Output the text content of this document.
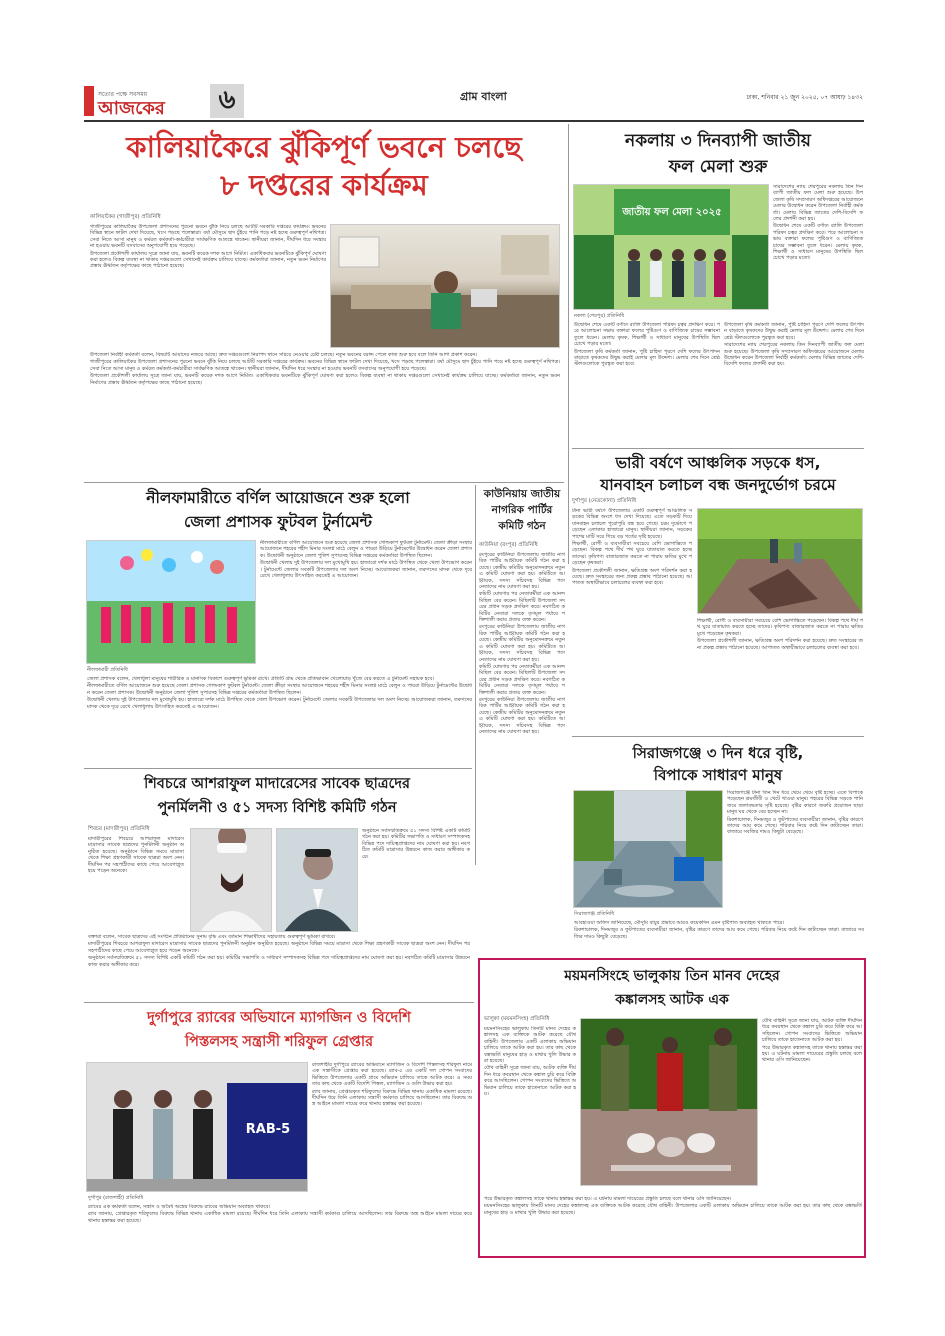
সত্যের পক্ষে সবসময়
আজকের	৬	গ্রাম বাংলা	ঢাকা, শনিবার ২১ জুন ২০২৫, ০৭ আষাঢ় ১৪৩২
কালিয়াকৈরে ঝুঁকিপূর্ণ ভবনে চলছে
৮ দপ্তরের কার্যক্রম
কালিয়াকৈর (গাজীপুর) প্রতিনিধি

গাজীপুরের কালিয়াকৈর উপজেলা প্রশাসনের পুরনো ভবনে ঝুঁকি নিয়ে চলছে আটটি সরকারি দপ্তরের কার্যক্রম। ভবনের বিভিন্ন স্থানে ফাটল দেখা দিয়েছে, খসে পড়ছে পলেস্তারা। বর্ষা মৌসুমে ছাদ চুঁইয়ে পানি পড়ে নষ্ট হচ্ছে গুরুত্বপূর্ণ নথিপত্র। সেবা নিতে আসা মানুষ ও কর্মরত কর্মকর্তা-কর্মচারীরা সার্বক্ষণিক আতঙ্কে থাকেন। স্থানীয়রা জানান, দীর্ঘদিন ধরে সংস্কার না হওয়ায় ভবনটি বসবাসের অনুপযোগী হয়ে পড়েছে।

উপজেলা প্রকৌশলী কার্যালয় সূত্রে জানা যায়, ভবনটি কয়েক দশক আগে নির্মিত। একাধিকবার ভবনটিকে ঝুঁকিপূর্ণ ঘোষণা করা হলেও বিকল্প ব্যবস্থা না থাকায় দপ্তরগুলো সেখানেই কার্যক্রম চালিয়ে যাচ্ছে। কর্মকর্তারা জানান, নতুন ভবন নির্মাণের প্রস্তাব ঊর্ধ্বতন কর্তৃপক্ষের কাছে পাঠানো হয়েছে।

উপজেলা নির্বাহী কর্মকর্তা বলেন, বিষয়টি আমাদের নজরে আছে। দ্রুত দপ্তরগুলো নিরাপদ স্থানে সরিয়ে নেওয়ার চেষ্টা চলছে। নতুন ভবনের বরাদ্দ পেলে কাজ শুরু হবে বলে তিনি আশা প্রকাশ করেন।

গাজীপুরের কালিয়াকৈর উপজেলা প্রশাসনের পুরনো ভবনে ঝুঁকি নিয়ে চলছে আটটি সরকারি দপ্তরের কার্যক্রম। ভবনের বিভিন্ন স্থানে ফাটল দেখা দিয়েছে, খসে পড়ছে পলেস্তারা। বর্ষা মৌসুমে ছাদ চুঁইয়ে পানি পড়ে নষ্ট হচ্ছে গুরুত্বপূর্ণ নথিপত্র। সেবা নিতে আসা মানুষ ও কর্মরত কর্মকর্তা-কর্মচারীরা সার্বক্ষণিক আতঙ্কে থাকেন। স্থানীয়রা জানান, দীর্ঘদিন ধরে সংস্কার না হওয়ায় ভবনটি বসবাসের অনুপযোগী হয়ে পড়েছে।

উপজেলা প্রকৌশলী কার্যালয় সূত্রে জানা যায়, ভবনটি কয়েক দশক আগে নির্মিত। একাধিকবার ভবনটিকে ঝুঁকিপূর্ণ ঘোষণা করা হলেও বিকল্প ব্যবস্থা না থাকায় দপ্তরগুলো সেখানেই কার্যক্রম চালিয়ে যাচ্ছে। কর্মকর্তারা জানান, নতুন ভবন নির্মাণের প্রস্তাব ঊর্ধ্বতন কর্তৃপক্ষের কাছে পাঠানো হয়েছে।

নকলায় ৩ দিনব্যাপী জাতীয়
ফল মেলা শুরু
জাতীয় ফল মেলা ২০২৫
নকলা (শেরপুর) প্রতিনিধি

সারাদেশের ন্যায় শেরপুরের নকলায় তিন দিনব্যাপী জাতীয় ফল মেলা শুরু হয়েছে। উপজেলা কৃষি সম্প্রসারণ অধিদপ্তরের আয়োজনে মেলার উদ্বোধন করেন উপজেলা নির্বাহী কর্মকর্তা। মেলায় বিভিন্ন জাতের দেশি-বিদেশি ফলের প্রদর্শনী করা হয়।

উদ্বোধন শেষে একটি বর্ণাঢ্য র‌্যালি উপজেলা পরিষদ চত্বর প্রদক্ষিণ করে। পরে আলোচনা সভায় বক্তারা ফলের পুষ্টিগুণ ও বাণিজ্যিক চাষের সম্ভাবনা তুলে ধরেন। মেলায় কৃষক, শিক্ষার্থী ও সাধারণ মানুষের উপস্থিতি ছিল চোখে পড়ার মতো।

উদ্বোধন শেষে একটি বর্ণাঢ্য র‌্যালি উপজেলা পরিষদ চত্বর প্রদক্ষিণ করে। পরে আলোচনা সভায় বক্তারা ফলের পুষ্টিগুণ ও বাণিজ্যিক চাষের সম্ভাবনা তুলে ধরেন। মেলায় কৃষক, শিক্ষার্থী ও সাধারণ মানুষের উপস্থিতি ছিল চোখে পড়ার মতো।

উপজেলা কৃষি কর্মকর্তা জানান, পুষ্টি চাহিদা পূরণে দেশি ফলের উৎপাদন বাড়াতে কৃষকদের উদ্বুদ্ধ করাই মেলার মূল উদ্দেশ্য। মেলার শেষ দিনে শ্রেষ্ঠ স্টলগুলোকে পুরস্কৃত করা হবে।

উপজেলা কৃষি কর্মকর্তা জানান, পুষ্টি চাহিদা পূরণে দেশি ফলের উৎপাদন বাড়াতে কৃষকদের উদ্বুদ্ধ করাই মেলার মূল উদ্দেশ্য। মেলার শেষ দিনে শ্রেষ্ঠ স্টলগুলোকে পুরস্কৃত করা হবে।

সারাদেশের ন্যায় শেরপুরের নকলায় তিন দিনব্যাপী জাতীয় ফল মেলা শুরু হয়েছে। উপজেলা কৃষি সম্প্রসারণ অধিদপ্তরের আয়োজনে মেলার উদ্বোধন করেন উপজেলা নির্বাহী কর্মকর্তা। মেলায় বিভিন্ন জাতের দেশি-বিদেশি ফলের প্রদর্শনী করা হয়।

ভারী বর্ষণে আঞ্চলিক সড়কে ধস,
যানবাহন চলাচল বন্ধ জনদুর্ভোগ চরমে
দুর্গাপুর (নেত্রকোনা) প্রতিনিধি

টানা ভারী বর্ষণে উপজেলার একটি গুরুত্বপূর্ণ আঞ্চলিক সড়কের বিভিন্ন অংশে ধস দেখা দিয়েছে। এতে সড়কটি দিয়ে যানবাহন চলাচল পুরোপুরি বন্ধ হয়ে গেছে। চরম দুর্ভোগে পড়েছেন এলাকার হাজারো মানুষ। স্থানীয়রা জানান, সড়কের পাশের মাটি সরে গিয়ে বড় গর্তের সৃষ্টি হয়েছে।

শিক্ষার্থী, রোগী ও ব্যবসায়ীরা সবচেয়ে বেশি ভোগান্তিতে পড়েছেন। বিকল্প পথে দীর্ঘ পথ ঘুরে যাতায়াত করতে হচ্ছে তাদের। কৃষিপণ্য বাজারজাত করতে না পারায় ক্ষতির মুখে পড়েছেন কৃষকরা।

উপজেলা প্রকৌশলী জানান, ক্ষতিগ্রস্ত অংশ পরিদর্শন করা হয়েছে। দ্রুত সংস্কারের জন্য প্রকল্প প্রস্তাব পাঠানো হয়েছে। আপাতত অস্থায়ীভাবে চলাচলের ব্যবস্থা করা হবে।

শিক্ষার্থী, রোগী ও ব্যবসায়ীরা সবচেয়ে বেশি ভোগান্তিতে পড়েছেন। বিকল্প পথে দীর্ঘ পথ ঘুরে যাতায়াত করতে হচ্ছে তাদের। কৃষিপণ্য বাজারজাত করতে না পারায় ক্ষতির মুখে পড়েছেন কৃষকরা।

উপজেলা প্রকৌশলী জানান, ক্ষতিগ্রস্ত অংশ পরিদর্শন করা হয়েছে। দ্রুত সংস্কারের জন্য প্রকল্প প্রস্তাব পাঠানো হয়েছে। আপাতত অস্থায়ীভাবে চলাচলের ব্যবস্থা করা হবে।

নীলফামারীতে বর্ণিল আয়োজনে শুরু হলো
জেলা প্রশাসক ফুটবল টুর্নামেন্ট
নীলফামারী প্রতিনিধি

নীলফামারীতে বর্ণিল আয়োজনে শুরু হয়েছে জেলা প্রশাসক গোল্ডকাপ ফুটবল টুর্নামেন্ট। জেলা ক্রীড়া সংস্থার আয়োজনে শহরের শহীদ মিনার সংলগ্ন মাঠে বেলুন ও পায়রা উড়িয়ে টুর্নামেন্টের উদ্বোধন করেন জেলা প্রশাসক। উদ্বোধনী অনুষ্ঠানে জেলা পুলিশ সুপারসহ বিভিন্ন দপ্তরের কর্মকর্তারা উপস্থিত ছিলেন।

উদ্বোধনী খেলায় দুই উপজেলার দল মুখোমুখি হয়। হাজারো দর্শক মাঠে উপস্থিত থেকে খেলা উপভোগ করেন। টুর্নামেন্টে জেলার সবকটি উপজেলার দল অংশ নিচ্ছে। আয়োজকরা জানান, তরুণদের মাদক থেকে দূরে রেখে খেলাধুলায় উৎসাহিত করতেই এ আয়োজন।

জেলা প্রশাসক বলেন, খেলাধুলা মানুষের শারীরিক ও মানসিক বিকাশে গুরুত্বপূর্ণ ভূমিকা রাখে। প্রতিটি গ্রাম থেকে প্রতিভাবান খেলোয়াড় খুঁজে বের করতে এ টুর্নামেন্ট সহায়ক হবে।

নীলফামারীতে বর্ণিল আয়োজনে শুরু হয়েছে জেলা প্রশাসক গোল্ডকাপ ফুটবল টুর্নামেন্ট। জেলা ক্রীড়া সংস্থার আয়োজনে শহরের শহীদ মিনার সংলগ্ন মাঠে বেলুন ও পায়রা উড়িয়ে টুর্নামেন্টের উদ্বোধন করেন জেলা প্রশাসক। উদ্বোধনী অনুষ্ঠানে জেলা পুলিশ সুপারসহ বিভিন্ন দপ্তরের কর্মকর্তারা উপস্থিত ছিলেন।

উদ্বোধনী খেলায় দুই উপজেলার দল মুখোমুখি হয়। হাজারো দর্শক মাঠে উপস্থিত থেকে খেলা উপভোগ করেন। টুর্নামেন্টে জেলার সবকটি উপজেলার দল অংশ নিচ্ছে। আয়োজকরা জানান, তরুণদের মাদক থেকে দূরে রেখে খেলাধুলায় উৎসাহিত করতেই এ আয়োজন।

কাউনিয়ায় জাতীয়
নাগরিক পার্টির
কমিটি গঠন
কাউনিয়া (রংপুর) প্রতিনিধি

রংপুরের কাউনিয়া উপজেলায় জাতীয় নাগরিক পার্টির আহ্বায়ক কমিটি গঠন করা হয়েছে। কেন্দ্রীয় কমিটির অনুমোদনক্রমে নতুন এ কমিটি ঘোষণা করা হয়। কমিটিতে আহ্বায়ক, সদস্য সচিবসহ বিভিন্ন পদে নেতাদের নাম ঘোষণা করা হয়।

কমিটি ঘোষণার পর নেতাকর্মীরা এক আনন্দ মিছিল বের করেন। মিছিলটি উপজেলা সদরের প্রধান সড়ক প্রদক্ষিণ করে। নবগঠিত কমিটির নেতারা দলকে তৃণমূল পর্যায়ে শক্তিশালী করার প্রত্যয় ব্যক্ত করেন।

রংপুরের কাউনিয়া উপজেলায় জাতীয় নাগরিক পার্টির আহ্বায়ক কমিটি গঠন করা হয়েছে। কেন্দ্রীয় কমিটির অনুমোদনক্রমে নতুন এ কমিটি ঘোষণা করা হয়। কমিটিতে আহ্বায়ক, সদস্য সচিবসহ বিভিন্ন পদে নেতাদের নাম ঘোষণা করা হয়।

কমিটি ঘোষণার পর নেতাকর্মীরা এক আনন্দ মিছিল বের করেন। মিছিলটি উপজেলা সদরের প্রধান সড়ক প্রদক্ষিণ করে। নবগঠিত কমিটির নেতারা দলকে তৃণমূল পর্যায়ে শক্তিশালী করার প্রত্যয় ব্যক্ত করেন।

রংপুরের কাউনিয়া উপজেলায় জাতীয় নাগরিক পার্টির আহ্বায়ক কমিটি গঠন করা হয়েছে। কেন্দ্রীয় কমিটির অনুমোদনক্রমে নতুন এ কমিটি ঘোষণা করা হয়। কমিটিতে আহ্বায়ক, সদস্য সচিবসহ বিভিন্ন পদে নেতাদের নাম ঘোষণা করা হয়।

সিরাজগঞ্জে ৩ দিন ধরে বৃষ্টি,
বিপাকে সাধারণ মানুষ
সিরাজগঞ্জ প্রতিনিধি

সিরাজগঞ্জে টানা তিন দিন ধরে থেমে থেমে বৃষ্টি হচ্ছে। এতে বিপাকে পড়েছেন শ্রমজীবী ও খেটে খাওয়া মানুষ। শহরের বিভিন্ন সড়কে পানি জমে জলাবদ্ধতার সৃষ্টি হয়েছে। বৃষ্টির কারণে জরুরি প্রয়োজন ছাড়া মানুষ ঘর থেকে বের হচ্ছেন না।

রিকশাচালক, দিনমজুর ও ফুটপাতের ব্যবসায়ীরা জানান, বৃষ্টির কারণে তাদের আয় কমে গেছে। পরিবার নিয়ে কষ্টে দিন কাটাচ্ছেন তারা। বাজারে সবজির দামও কিছুটা বেড়েছে।

আবহাওয়া অফিস জানিয়েছে, মৌসুমি বায়ুর প্রভাবে আরও কয়েকদিন এমন বৃষ্টিপাত অব্যাহত থাকতে পারে।

রিকশাচালক, দিনমজুর ও ফুটপাতের ব্যবসায়ীরা জানান, বৃষ্টির কারণে তাদের আয় কমে গেছে। পরিবার নিয়ে কষ্টে দিন কাটাচ্ছেন তারা। বাজারে সবজির দামও কিছুটা বেড়েছে।

শিবচরে আশরাফুল মাদারেসের সাবেক ছাত্রদের
পুনর্মিলনী ও ৫১ সদস্য বিশিষ্ট কমিটি গঠন
শিবচর (মাদারীপুর) প্রতিনিধি

মাদারীপুরের শিবচরে আশরাফুল মাদারেস মাদ্রাসার সাবেক ছাত্রদের পুনর্মিলনী অনুষ্ঠান অনুষ্ঠিত হয়েছে। অনুষ্ঠানে বিভিন্ন সময়ে মাদ্রাসা থেকে শিক্ষা গ্রহণকারী সাবেক ছাত্ররা অংশ নেন। দীর্ঘদিন পর সহপাঠীদের কাছে পেয়ে আবেগাপ্লুত হয়ে পড়েন অনেকে।

অনুষ্ঠানে সর্বসম্মতিক্রমে ৫১ সদস্য বিশিষ্ট একটি কমিটি গঠন করা হয়। কমিটির সভাপতি ও সাধারণ সম্পাদকসহ বিভিন্ন পদে দায়িত্বপ্রাপ্তদের নাম ঘোষণা করা হয়। নবগঠিত কমিটি মাদ্রাসার উন্নয়নে কাজ করার অঙ্গীকার করে।

বক্তারা বলেন, সাবেক ছাত্রদের এই সংগঠন প্রতিষ্ঠানের সুনাম বৃদ্ধি এবং বর্তমান শিক্ষার্থীদের সহায়তায় গুরুত্বপূর্ণ ভূমিকা রাখবে।

মাদারীপুরের শিবচরে আশরাফুল মাদারেস মাদ্রাসার সাবেক ছাত্রদের পুনর্মিলনী অনুষ্ঠান অনুষ্ঠিত হয়েছে। অনুষ্ঠানে বিভিন্ন সময়ে মাদ্রাসা থেকে শিক্ষা গ্রহণকারী সাবেক ছাত্ররা অংশ নেন। দীর্ঘদিন পর সহপাঠীদের কাছে পেয়ে আবেগাপ্লুত হয়ে পড়েন অনেকে।

অনুষ্ঠানে সর্বসম্মতিক্রমে ৫১ সদস্য বিশিষ্ট একটি কমিটি গঠন করা হয়। কমিটির সভাপতি ও সাধারণ সম্পাদকসহ বিভিন্ন পদে দায়িত্বপ্রাপ্তদের নাম ঘোষণা করা হয়। নবগঠিত কমিটি মাদ্রাসার উন্নয়নে কাজ করার অঙ্গীকার করে।

দুর্গাপুরে র‌্যাবের অভিযানে ম্যাগজিন ও বিদেশি
পিস্তলসহ সন্ত্রাসী শরিফুল গ্রেপ্তার
RAB-5
দুর্গাপুর (রাজশাহী) প্রতিনিধি

রাজশাহীর দুর্গাপুরে র‌্যাবের অভিযানে ম্যাগজিন ও বিদেশি পিস্তলসহ শরিফুল নামে এক সন্ত্রাসীকে গ্রেপ্তার করা হয়েছে। র‌্যাব-৫ এর একটি দল গোপন সংবাদের ভিত্তিতে উপজেলার একটি গ্রামে অভিযান চালিয়ে তাকে আটক করে। এ সময় তার কাছ থেকে একটি বিদেশি পিস্তল, ম্যাগজিন ও গুলি উদ্ধার করা হয়।

র‌্যাব জানায়, গ্রেপ্তারকৃত শরিফুলের বিরুদ্ধে বিভিন্ন থানায় একাধিক মামলা রয়েছে। দীর্ঘদিন ধরে তিনি এলাকায় সন্ত্রাসী কর্মকাণ্ড চালিয়ে আসছিলেন। তার বিরুদ্ধে অস্ত্র আইনে মামলা দায়ের করে থানায় হস্তান্তর করা হয়েছে।

র‌্যাবের এক কর্মকর্তা বলেন, সন্ত্রাস ও অবৈধ অস্ত্রের বিরুদ্ধে র‌্যাবের অভিযান অব্যাহত থাকবে।

র‌্যাব জানায়, গ্রেপ্তারকৃত শরিফুলের বিরুদ্ধে বিভিন্ন থানায় একাধিক মামলা রয়েছে। দীর্ঘদিন ধরে তিনি এলাকায় সন্ত্রাসী কর্মকাণ্ড চালিয়ে আসছিলেন। তার বিরুদ্ধে অস্ত্র আইনে মামলা দায়ের করে থানায় হস্তান্তর করা হয়েছে।

ময়মনসিংহে ভালুকায় তিন মানব দেহের
কঙ্কালসহ আটক এক
ভালুকা (ময়মনসিংহ) প্রতিনিধি

ময়মনসিংহের ভালুকায় তিনটি মানব দেহের কঙ্কালসহ এক ব্যক্তিকে আটক করেছে যৌথ বাহিনী। উপজেলার একটি এলাকায় অভিযান চালিয়ে তাকে আটক করা হয়। তার কাছ থেকে বস্তাভর্তি মানুষের হাড় ও মাথার খুলি উদ্ধার করা হয়েছে।

যৌথ বাহিনী সূত্রে জানা যায়, আটক ব্যক্তি দীর্ঘদিন ধরে কবরস্থান থেকে কঙ্কাল চুরি করে বিক্রি করে আসছিলেন। গোপন সংবাদের ভিত্তিতে অভিযান চালিয়ে তাকে হাতেনাতে আটক করা হয়।

যৌথ বাহিনী সূত্রে জানা যায়, আটক ব্যক্তি দীর্ঘদিন ধরে কবরস্থান থেকে কঙ্কাল চুরি করে বিক্রি করে আসছিলেন। গোপন সংবাদের ভিত্তিতে অভিযান চালিয়ে তাকে হাতেনাতে আটক করা হয়।

পরে উদ্ধারকৃত কঙ্কালসহ তাকে থানায় হস্তান্তর করা হয়। এ ঘটনায় মামলা দায়েরের প্রস্তুতি চলছে বলে থানার ওসি জানিয়েছেন।

পরে উদ্ধারকৃত কঙ্কালসহ তাকে থানায় হস্তান্তর করা হয়। এ ঘটনায় মামলা দায়েরের প্রস্তুতি চলছে বলে থানার ওসি জানিয়েছেন।

ময়মনসিংহের ভালুকায় তিনটি মানব দেহের কঙ্কালসহ এক ব্যক্তিকে আটক করেছে যৌথ বাহিনী। উপজেলার একটি এলাকায় অভিযান চালিয়ে তাকে আটক করা হয়। তার কাছ থেকে বস্তাভর্তি মানুষের হাড় ও মাথার খুলি উদ্ধার করা হয়েছে।
